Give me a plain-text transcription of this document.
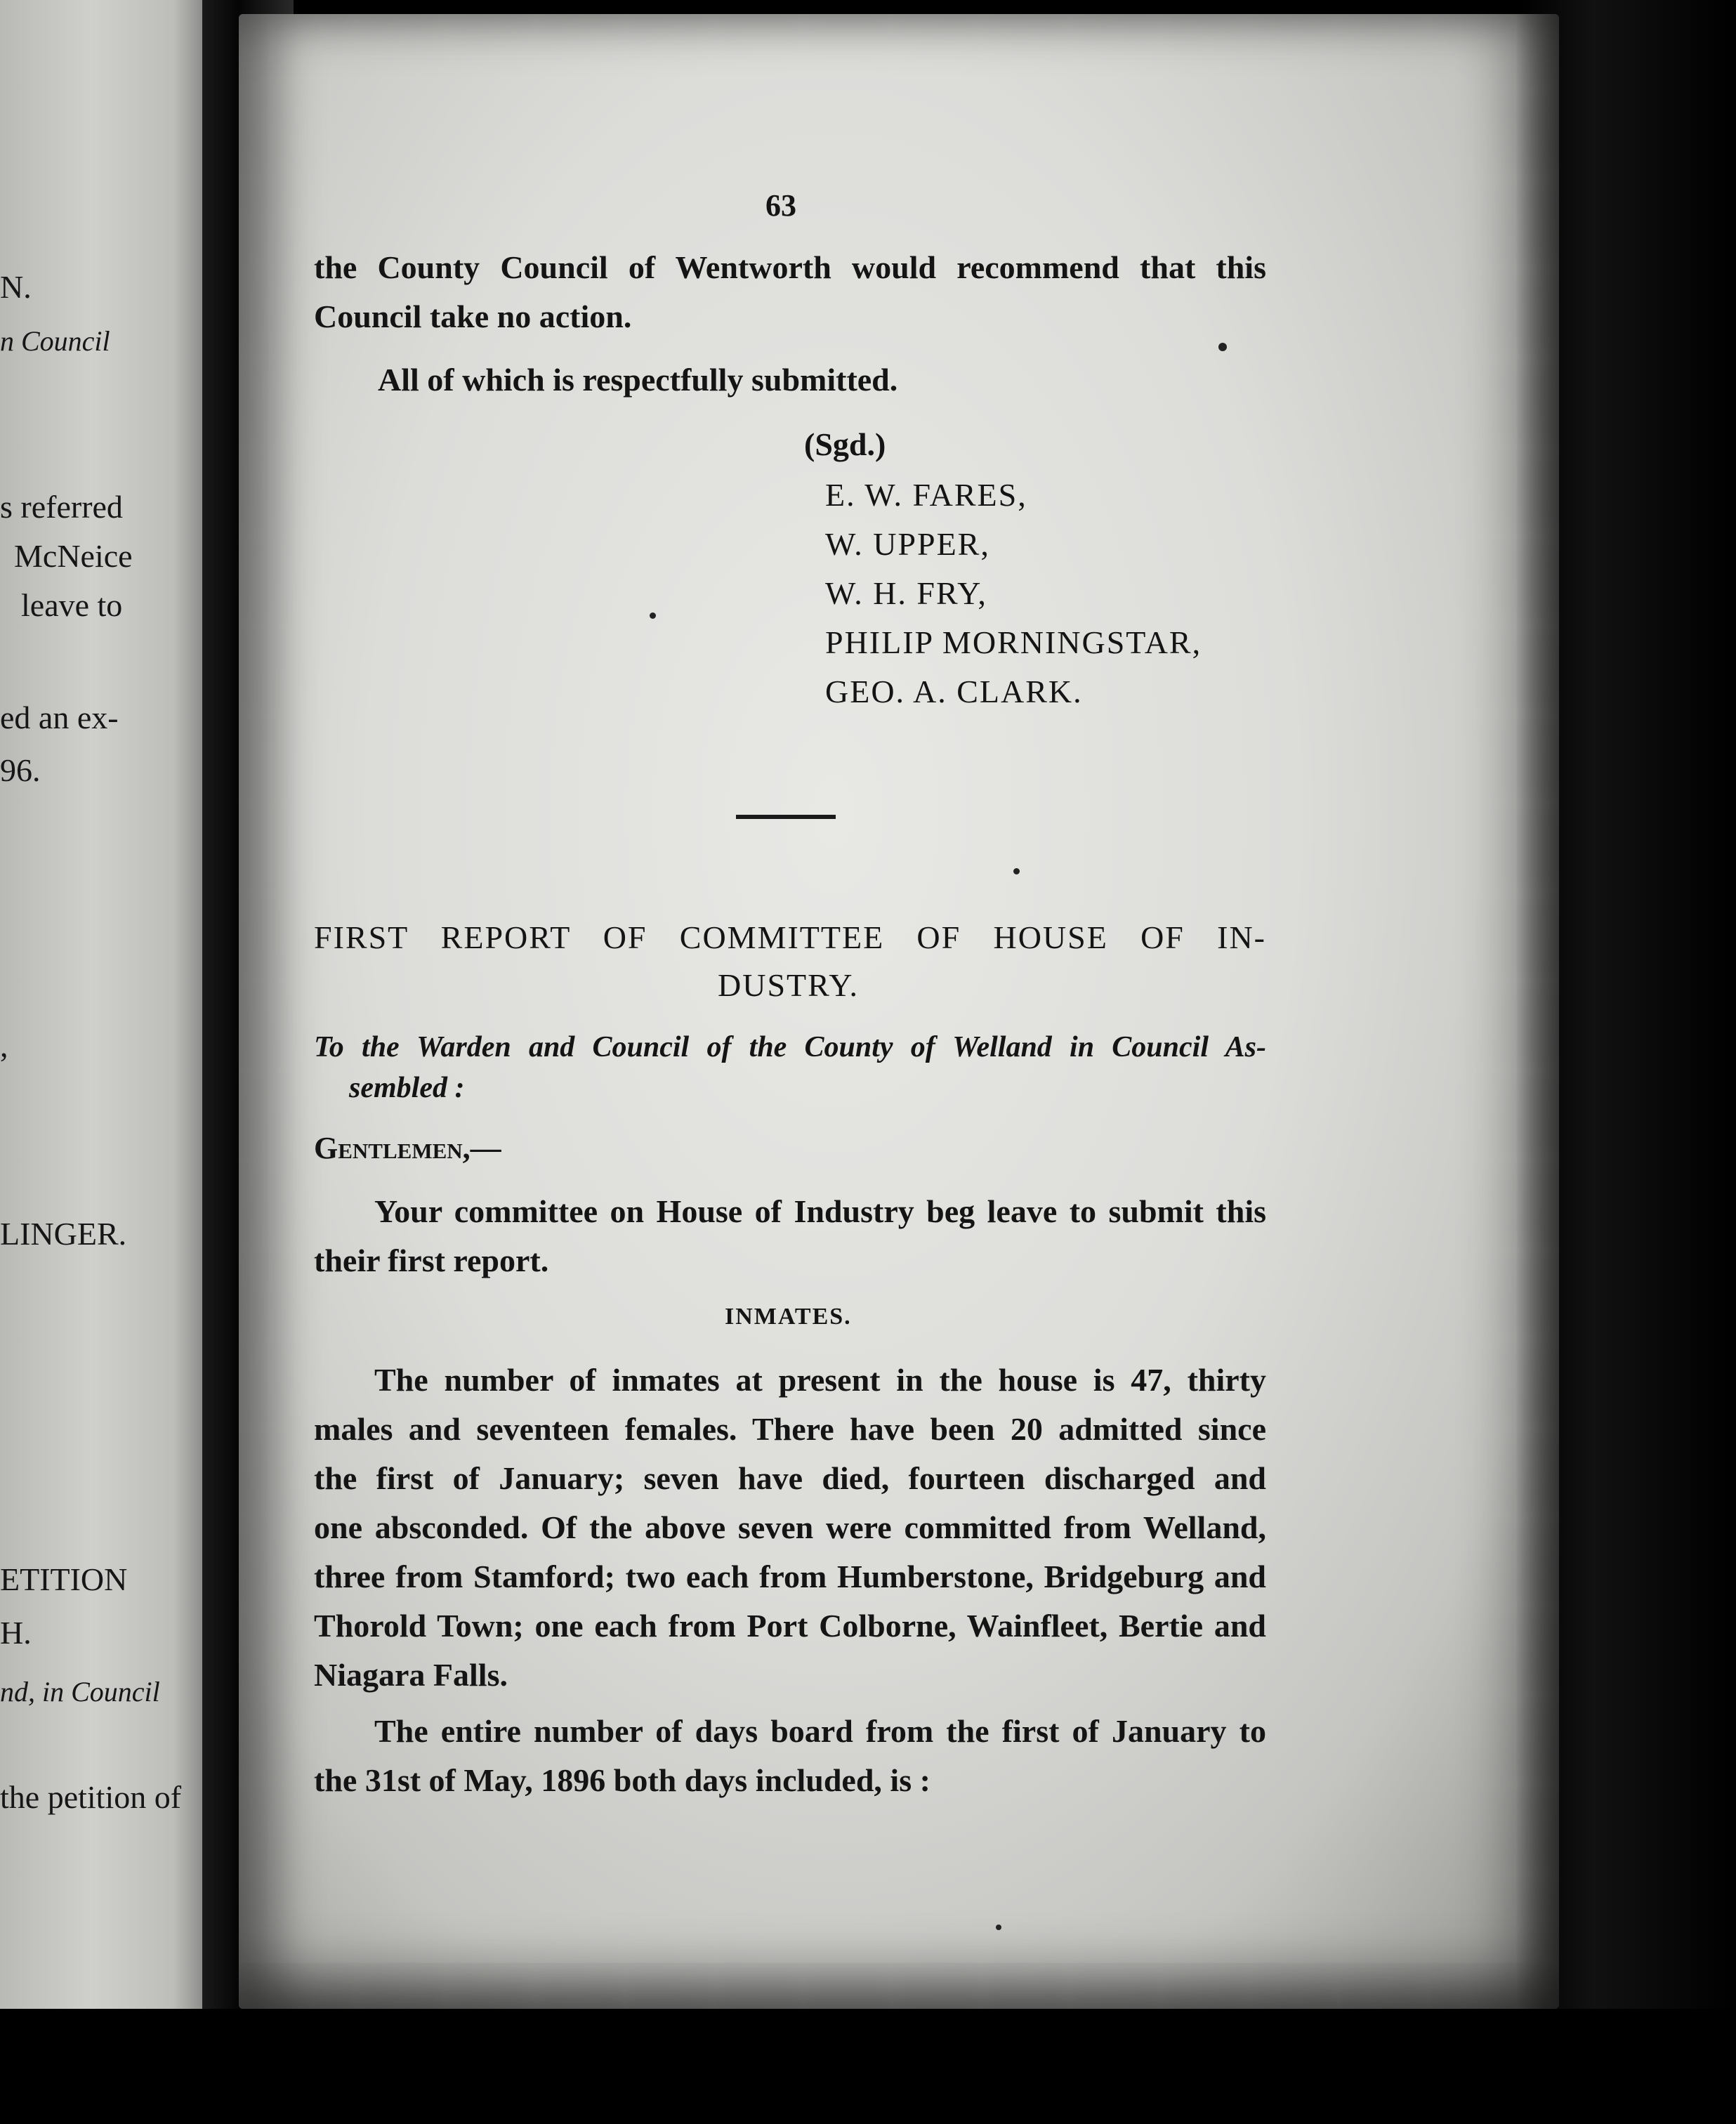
N.
n Council
s referred
McNeice
leave to
ed an ex-
96.
,
LINGER.
ETITION
H.
nd, in Council
the petition of
63
the County Council of Wentworth would recommend that this
Council take no action.
All of which is respectfully submitted.
(Sgd.)
E. W. FARES,
W. UPPER,
W. H. FRY,
PHILIP MORNINGSTAR,
GEO. A. CLARK.
FIRST REPORT OF COMMITTEE OF HOUSE OF IN-
DUSTRY.
To the Warden and Council of the County of Welland in Council As-
sembled :
Gentlemen,—
Your committee on House of Industry beg leave to submit this
their first report.
INMATES.
The number of inmates at present in the house is 47, thirty
males and seventeen females. There have been 20 admitted since
the first of January; seven have died, fourteen discharged and
one absconded. Of the above seven were committed from Welland,
three from Stamford; two each from Humberstone, Bridgeburg and
Thorold Town; one each from Port Colborne, Wainfleet, Bertie and
Niagara Falls.
The entire number of days board from the first of January to
the 31st of May, 1896 both days included, is :
